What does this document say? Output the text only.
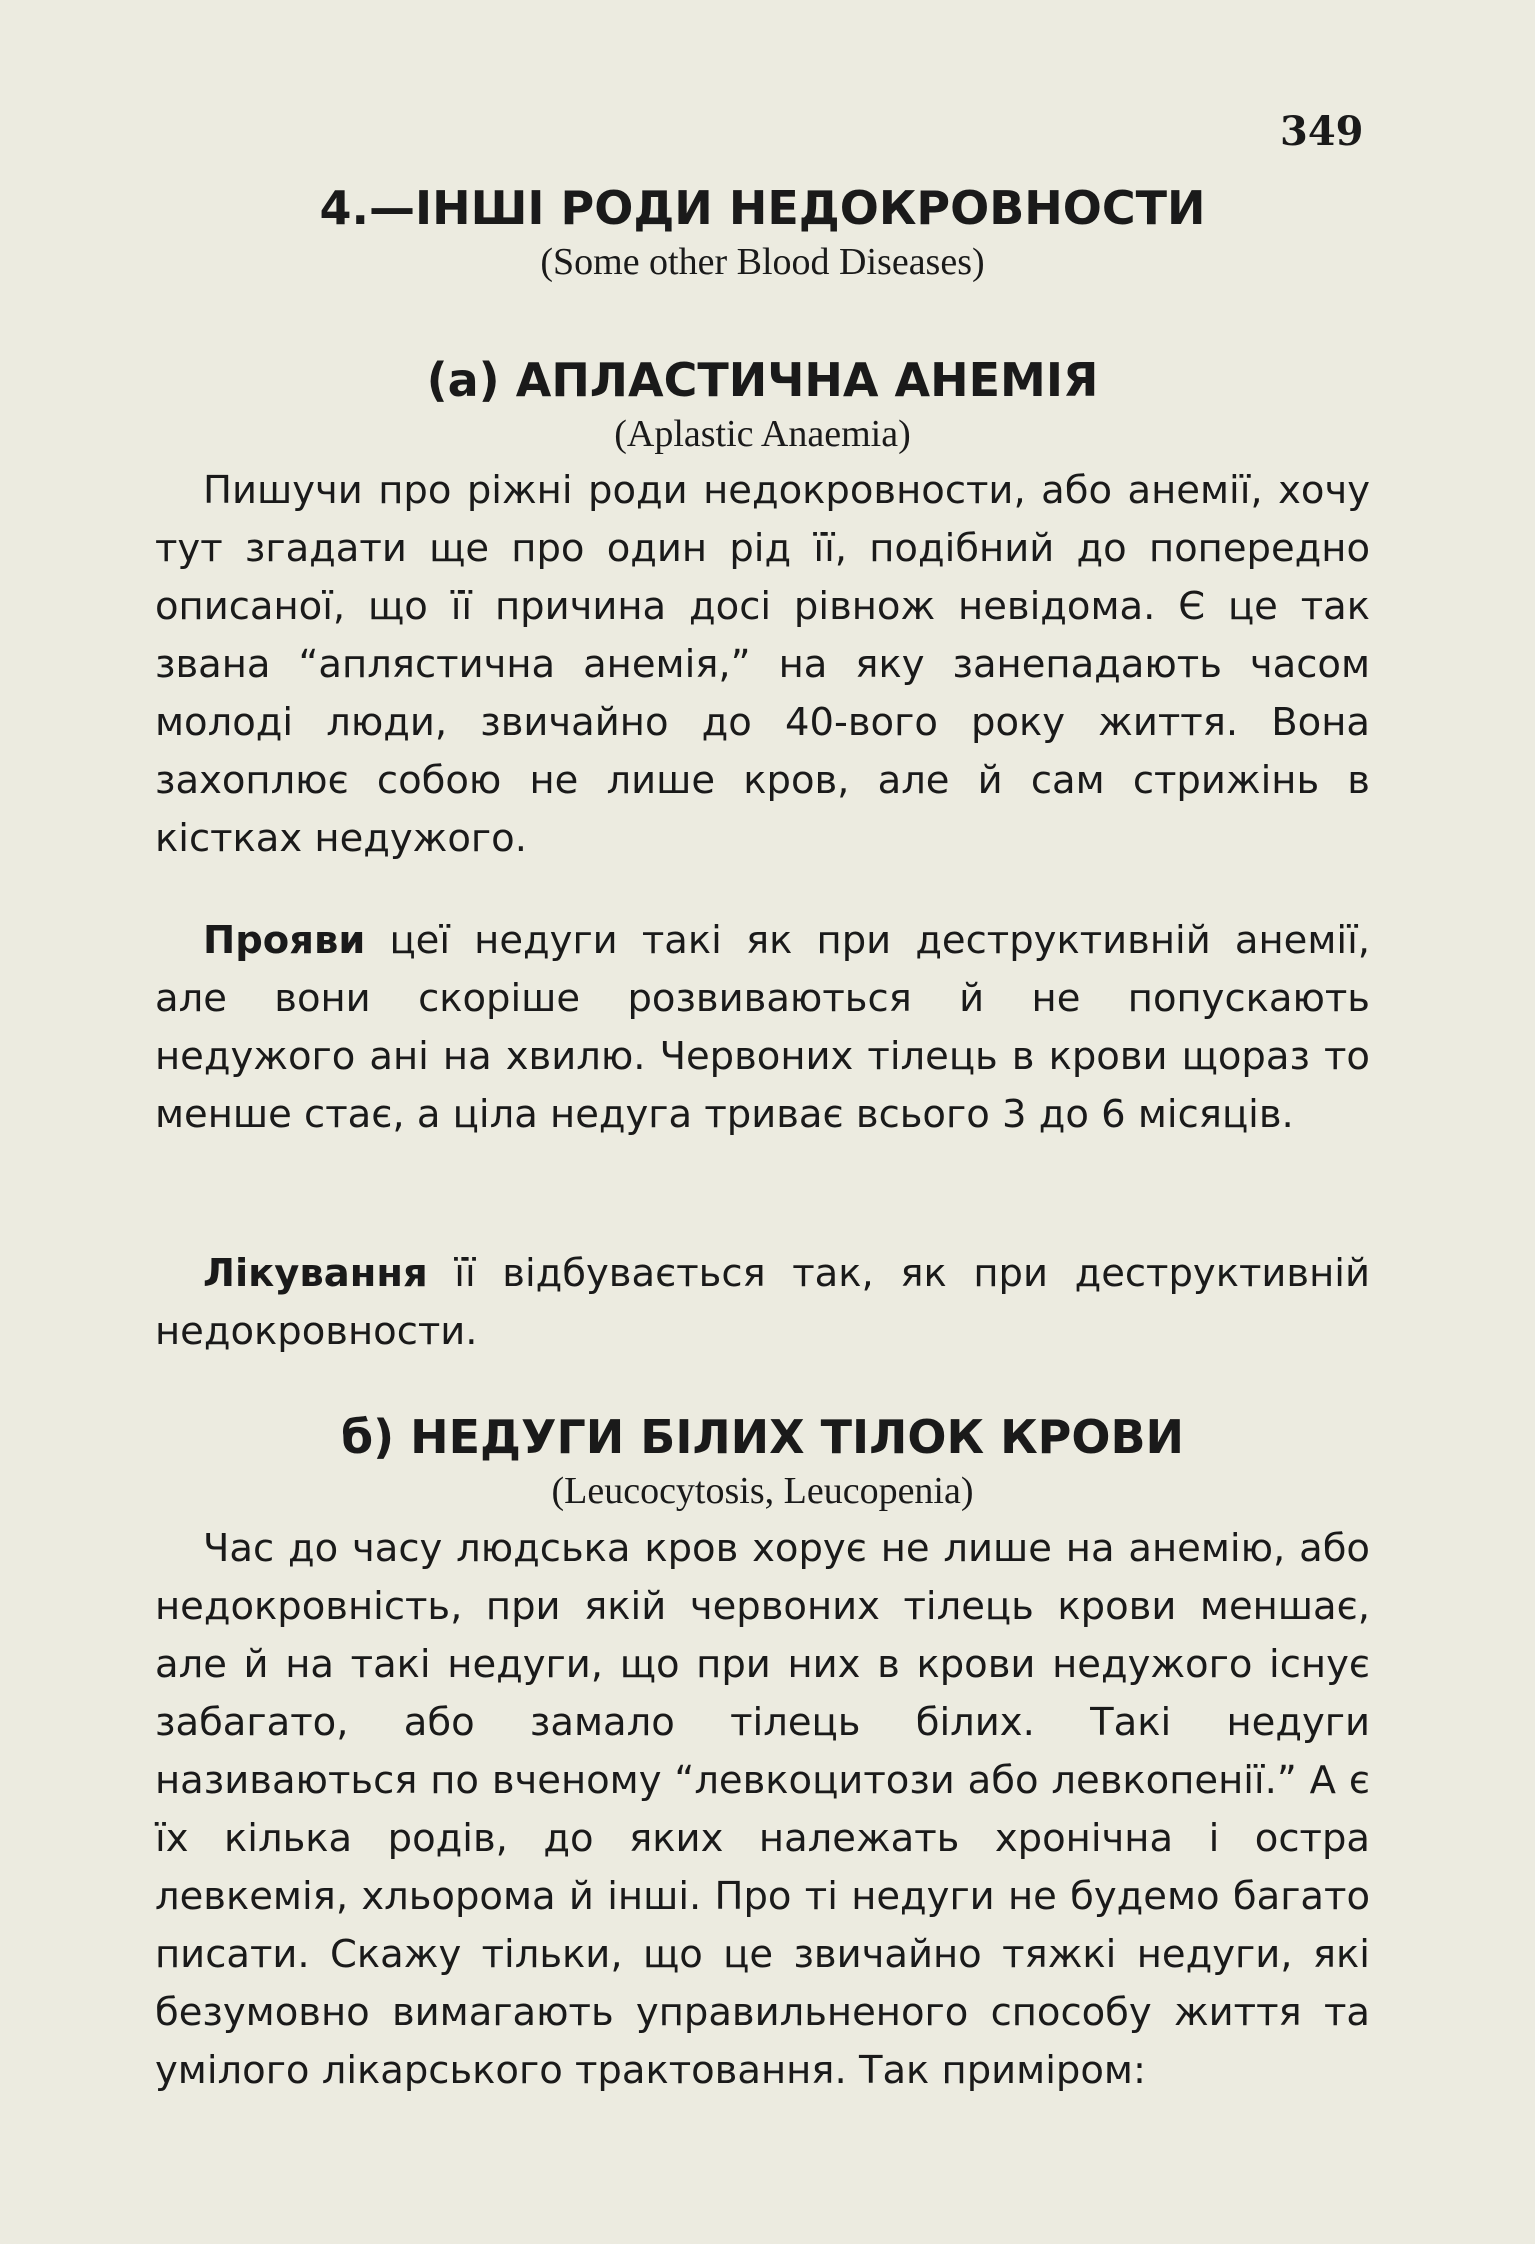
349

4.—ІНШІ РОДИ НЕДОКРОВНОСТИ

(Some other Blood Diseases)

(а) АПЛАСТИЧНА АНЕМІЯ

(Aplastic Anaemia)

Пишучи про ріжні роди недокровности, або анемії, хочу тут згадати ще про один рід її, подібний до попередно описаної, що її причина досі рівнож невідома. Є це так звана “аплястична анемія,” на яку занепадають часом молоді люди, звичайно до 40-вого року життя. Вона захоплює собою не лише кров, але й сам стрижінь в кістках недужого.

Прояви цеї недуги такі як при деструктивній анемії, але вони скоріше розвиваються й не попускають недужого ані на хвилю. Червоних тілець в крови щораз то менше стає, а ціла недуга триває всього 3 до 6 місяців.

Лікування її відбувається так, як при деструктивній недокровности.

б) НЕДУГИ БІЛИХ ТІЛОК КРОВИ

(Leucocytosis, Leucopenia)

Час до часу людська кров хорує не лише на анемію, або недокровність, при якій червоних тілець крови меншає, але й на такі недуги, що при них в крови недужого існує забагато, або замало тілець білих. Такі недуги називаються по вченому “левкоцитози або левкопенії.” А є їх кілька родів, до яких належать хронічна і остра левкемія, хльорома й інші. Про ті недуги не будемо багато писати. Скажу тільки, що це звичайно тяжкі недуги, які безумовно вимагають управильненого способу життя та умілого лікарського трактовання. Так приміром:
